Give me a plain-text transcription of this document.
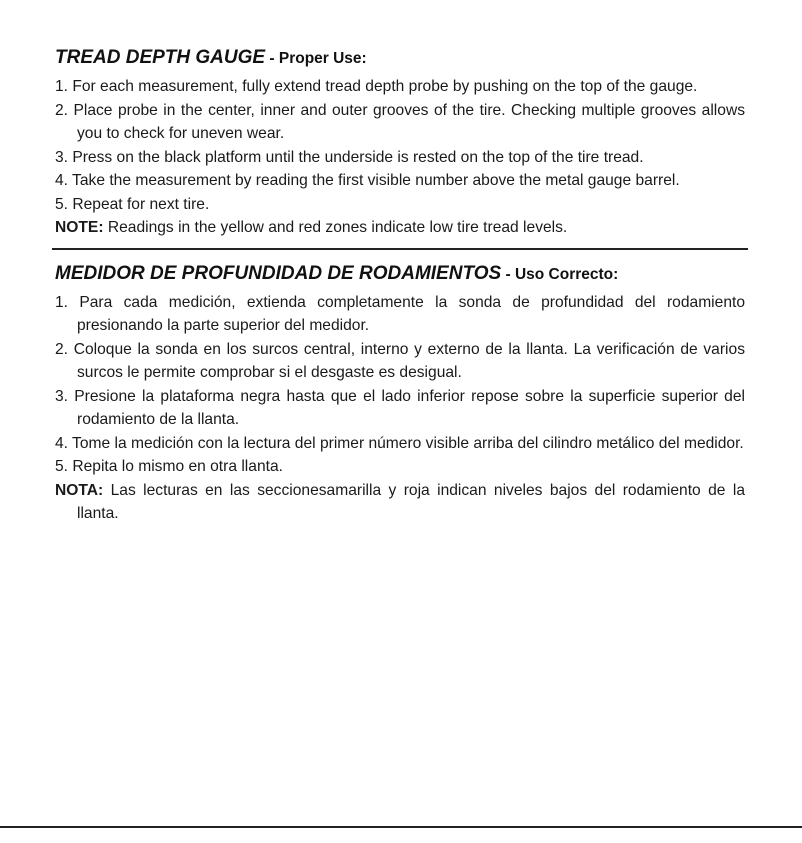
TREAD DEPTH GAUGE - Proper Use:
1. For each measurement, fully extend tread depth probe by pushing on the top of the gauge.
2. Place probe in the center, inner and outer grooves of the tire. Checking multiple grooves allows you to check for uneven wear.
3. Press on the black platform until the underside is rested on the top of the tire tread.
4. Take the measurement by reading the first visible number above the metal gauge barrel.
5. Repeat for next tire.

NOTE: Readings in the yellow and red zones indicate low tire tread levels.

MEDIDOR DE PROFUNDIDAD DE RODAMIENTOS - Uso Correcto:
1. Para cada medición, extienda completamente la sonda de profundidad del rodamiento presionando la parte superior del medidor.
2. Coloque la sonda en los surcos central, interno y externo de la llanta. La verificación de varios surcos le permite comprobar si el desgaste es desigual.
3. Presione la plataforma negra hasta que el lado inferior repose sobre la superficie superior del rodamiento de la llanta.
4. Tome la medición con la lectura del primer número visible arriba del cilindro metálico del medidor.
5. Repita lo mismo en otra llanta.

NOTA: Las lecturas en las seccionesamarilla y roja indican niveles bajos del rodamiento de la llanta.
